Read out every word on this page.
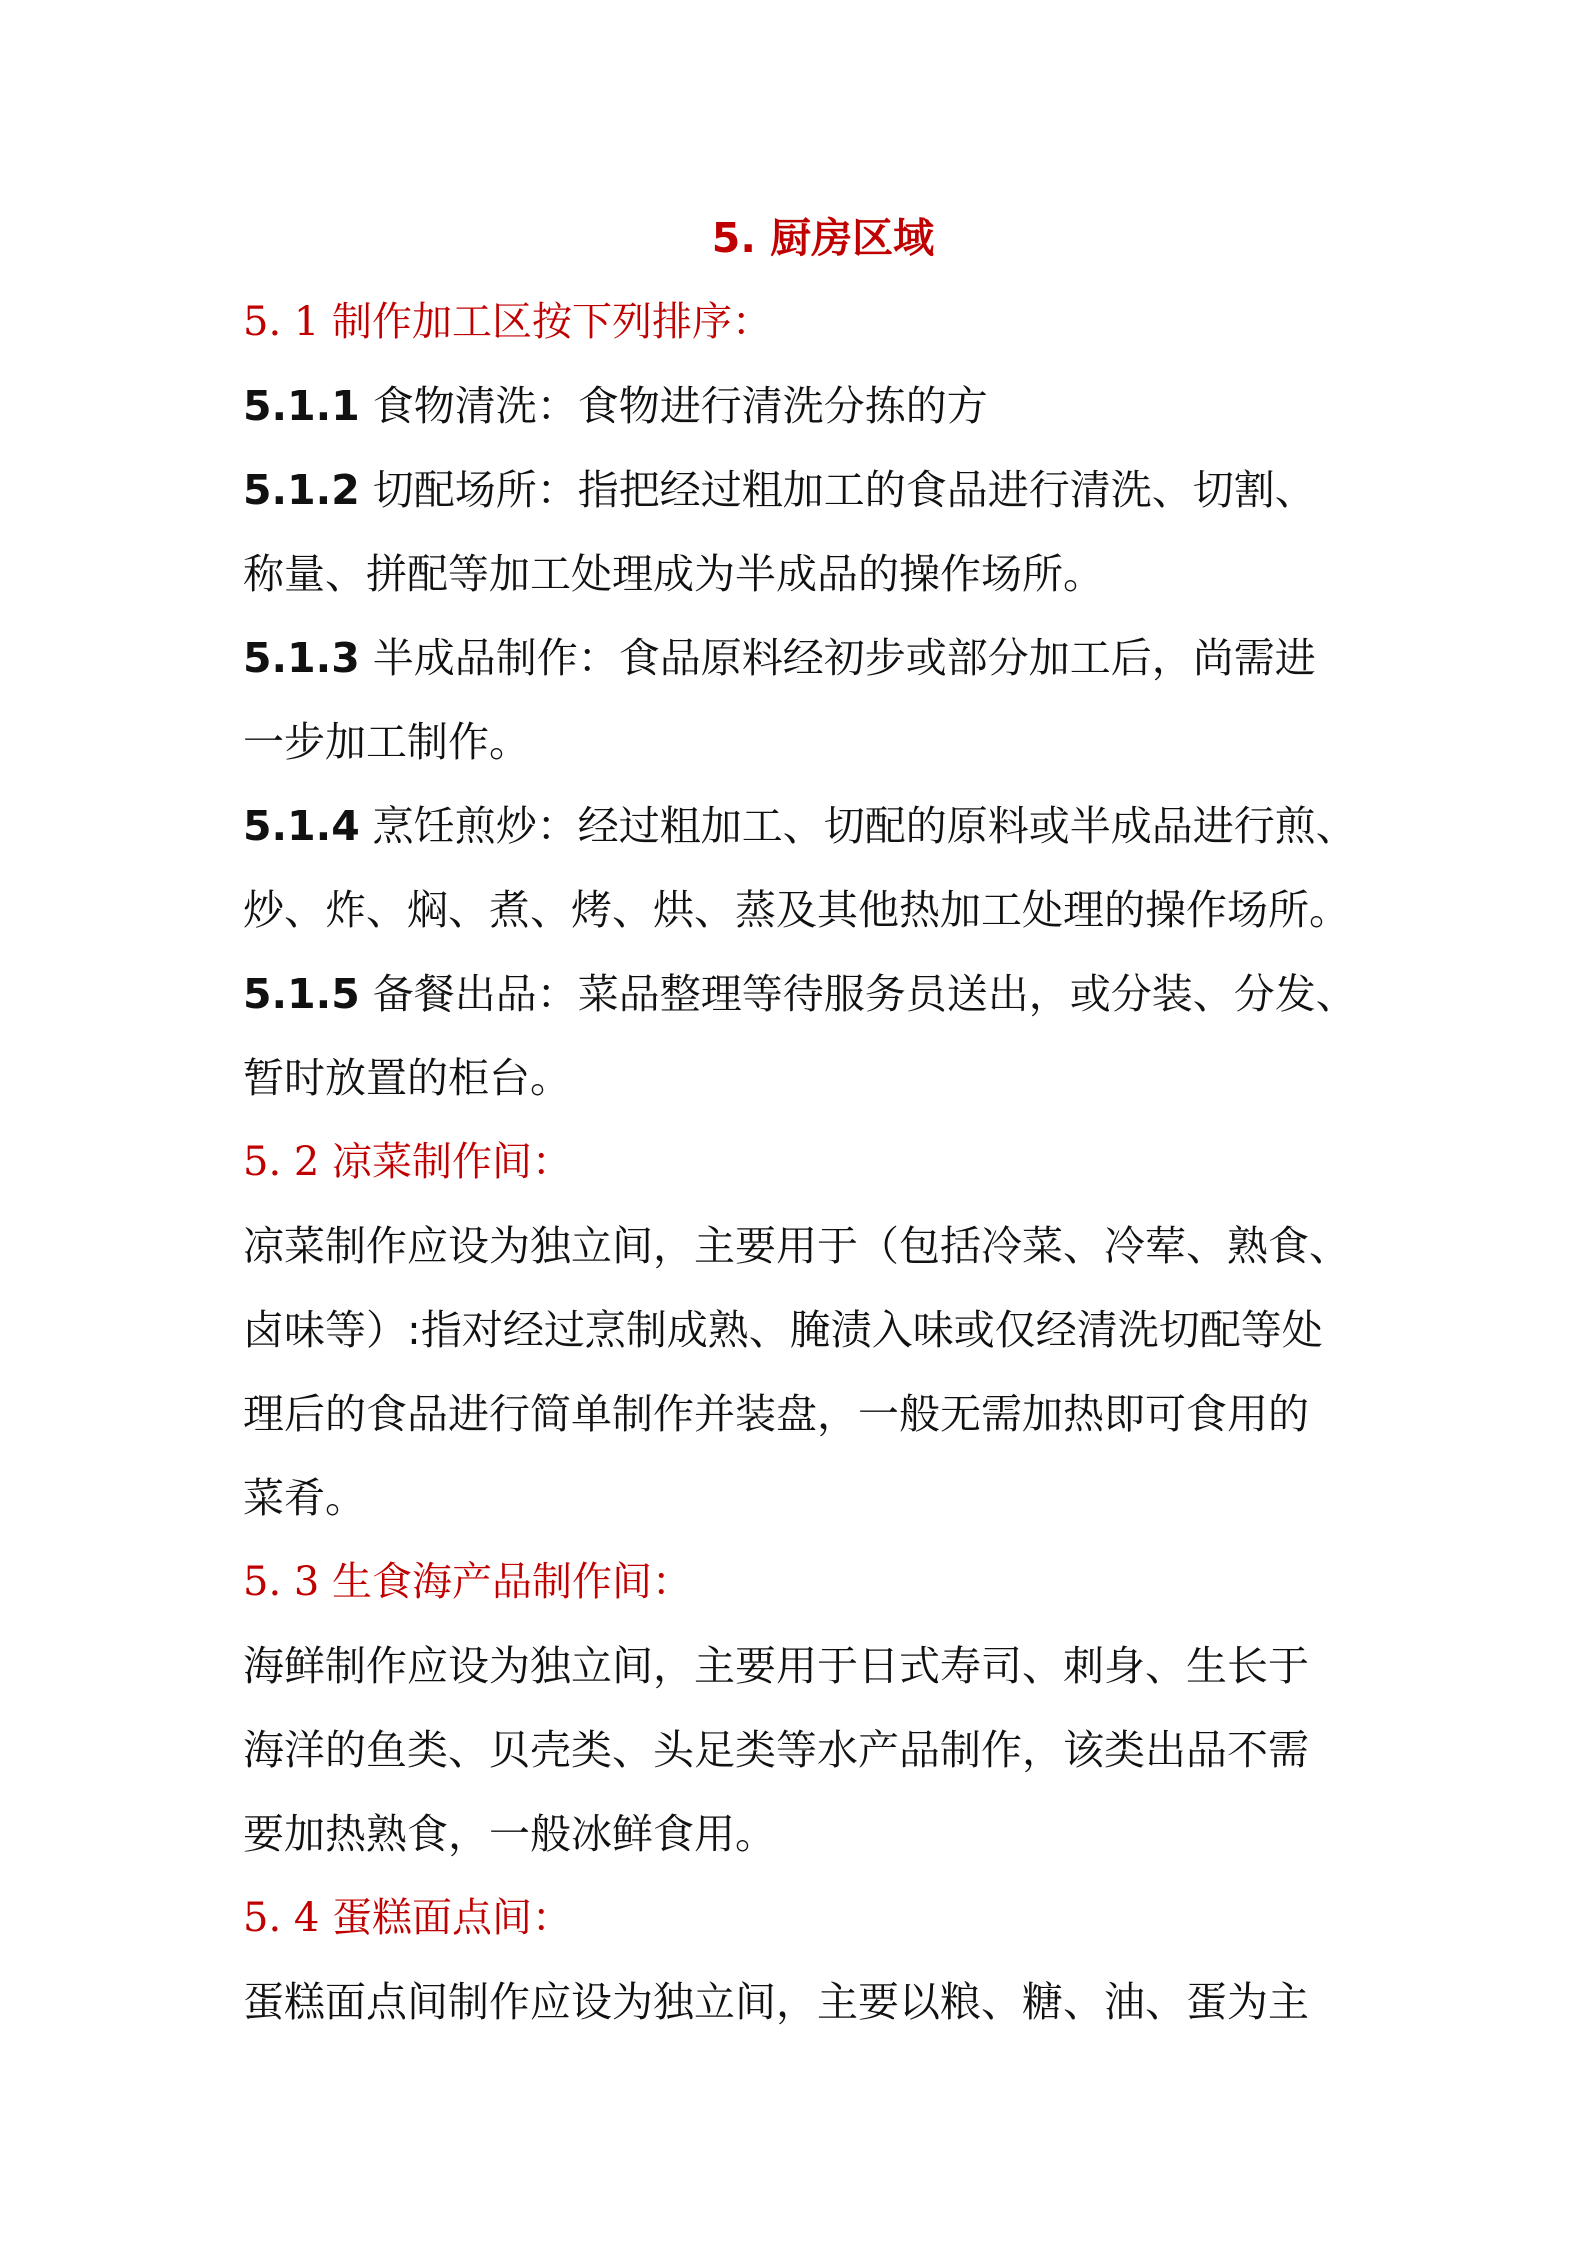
5. 厨房区域
5. 1 制作加工区按下列排序：
5.1.1 食物清洗：食物进行清洗分拣的方
5.1.2 切配场所：指把经过粗加工的食品进行清洗、切割、
称量、拼配等加工处理成为半成品的操作场所。
5.1.3 半成品制作：食品原料经初步或部分加工后，尚需进
一步加工制作。
5.1.4 烹饪煎炒：经过粗加工、切配的原料或半成品进行煎、
炒、炸、焖、煮、烤、烘、蒸及其他热加工处理的操作场所。
5.1.5 备餐出品：菜品整理等待服务员送出，或分装、分发、
暂时放置的柜台。
5. 2 凉菜制作间：
凉菜制作应设为独立间，主要用于（包括冷菜、冷荤、熟食、
卤味等）:指对经过烹制成熟、腌渍入味或仅经清洗切配等处
理后的食品进行简单制作并装盘，一般无需加热即可食用的
菜肴。
5. 3 生食海产品制作间：
海鲜制作应设为独立间，主要用于日式寿司、刺身、生长于
海洋的鱼类、贝壳类、头足类等水产品制作，该类出品不需
要加热熟食，一般冰鲜食用。
5. 4 蛋糕面点间：
蛋糕面点间制作应设为独立间，主要以粮、糖、油、蛋为主
